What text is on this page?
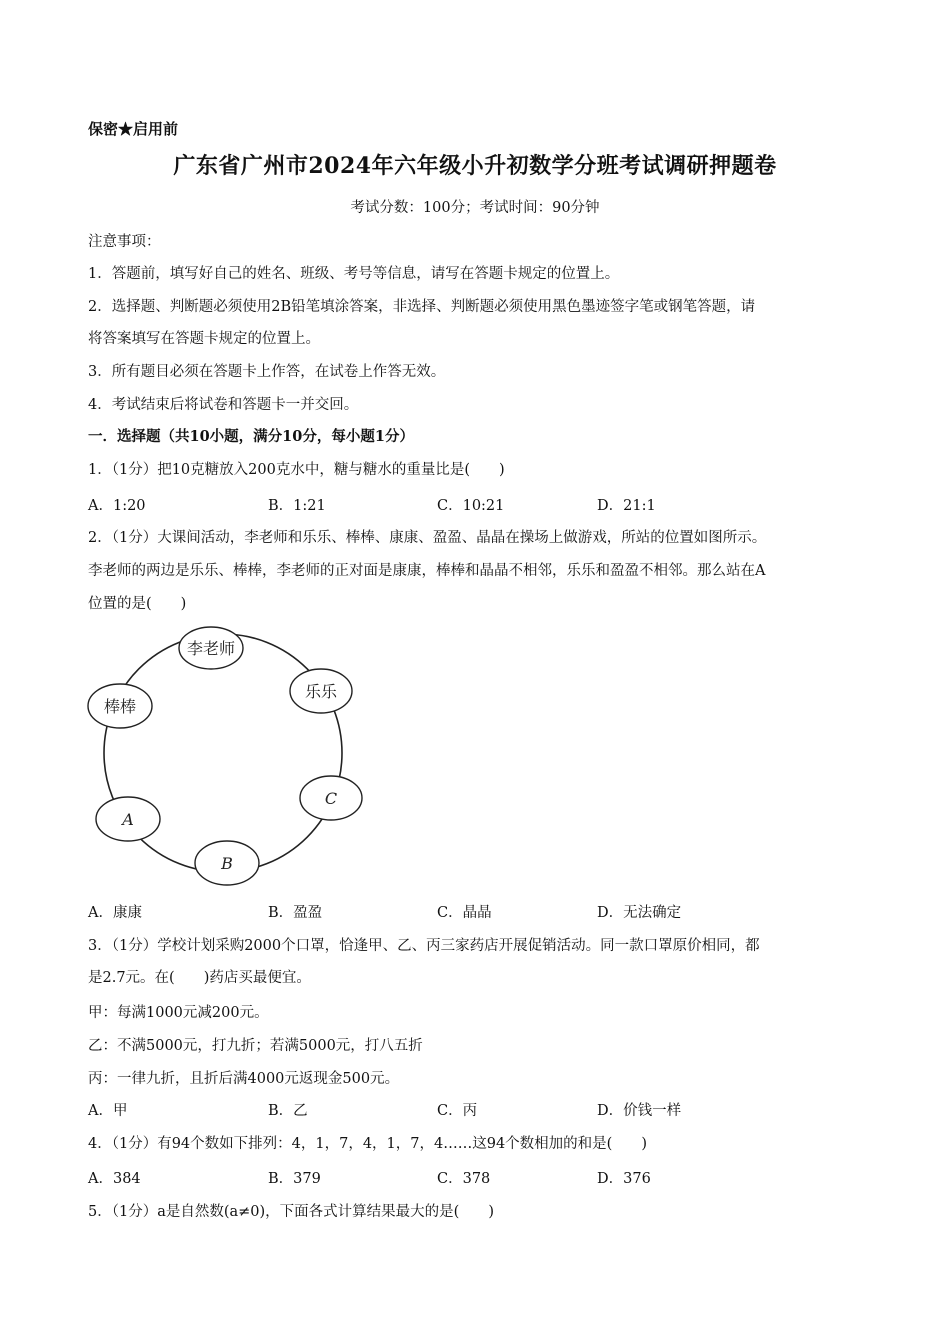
保密★启用前
广东省广州市2024年六年级小升初数学分班考试调研押题卷
考试分数：100分；考试时间：90分钟
注意事项：
1．答题前，填写好自己的姓名、班级、考号等信息，请写在答题卡规定的位置上。
2．选择题、判断题必须使用2B铅笔填涂答案，非选择、判断题必须使用黑色墨迹签字笔或钢笔答题，请
将答案填写在答题卡规定的位置上。
3．所有题目必须在答题卡上作答，在试卷上作答无效。
4．考试结束后将试卷和答题卡一并交回。
一．选择题（共10小题，满分10分，每小题1分）
1．（1分）把10克糖放入200克水中，糖与糖水的重量比是(　　)
A．1:20	B．1:21	C．10:21	D．21:1
2．（1分）大课间活动，李老师和乐乐、棒棒、康康、盈盈、晶晶在操场上做游戏，所站的位置如图所示。
李老师的两边是乐乐、棒棒，李老师的正对面是康康，棒棒和晶晶不相邻，乐乐和盈盈不相邻。那么站在A
位置的是(　　)
李老师
乐乐
棒棒
C
A
B
A．康康	B．盈盈	C．晶晶	D．无法确定
3．（1分）学校计划采购2000个口罩，恰逢甲、乙、丙三家药店开展促销活动。同一款口罩原价相同，都
是2.7元。在(　　)药店买最便宜。
甲：每满1000元减200元。
乙：不满5000元，打九折；若满5000元，打八五折
丙：一律九折，且折后满4000元返现金500元。
A．甲	B．乙	C．丙	D．价钱一样
4．（1分）有94个数如下排列：4，1，7，4，1，7，4……这94个数相加的和是(　　)
A．384	B．379	C．378	D．376
5．（1分）a是自然数(a≠0)，下面各式计算结果最大的是(　　)
